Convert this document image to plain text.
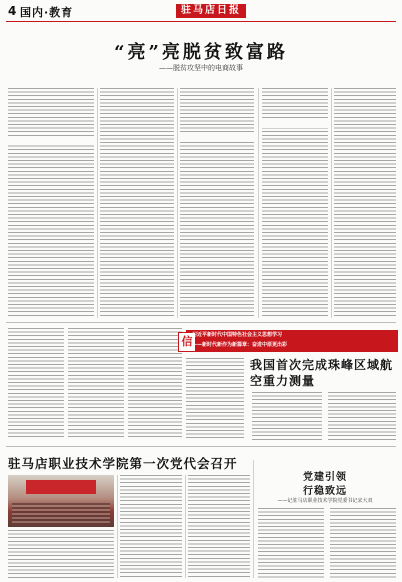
4 国内·教育	驻马店日报

“亮”亮脱贫致富路
——脱贫攻坚中的电商故事

信 习近平新时代中国特色社会主义思想学习
——新时代新作为新篇章：奋进中原更出彩
我国首次完成珠峰区域航空重力测量
驻马店职业技术学院第一次党代会召开
党建引领
行稳致远
——记驻马店职业技术学院党委书记宋大双
